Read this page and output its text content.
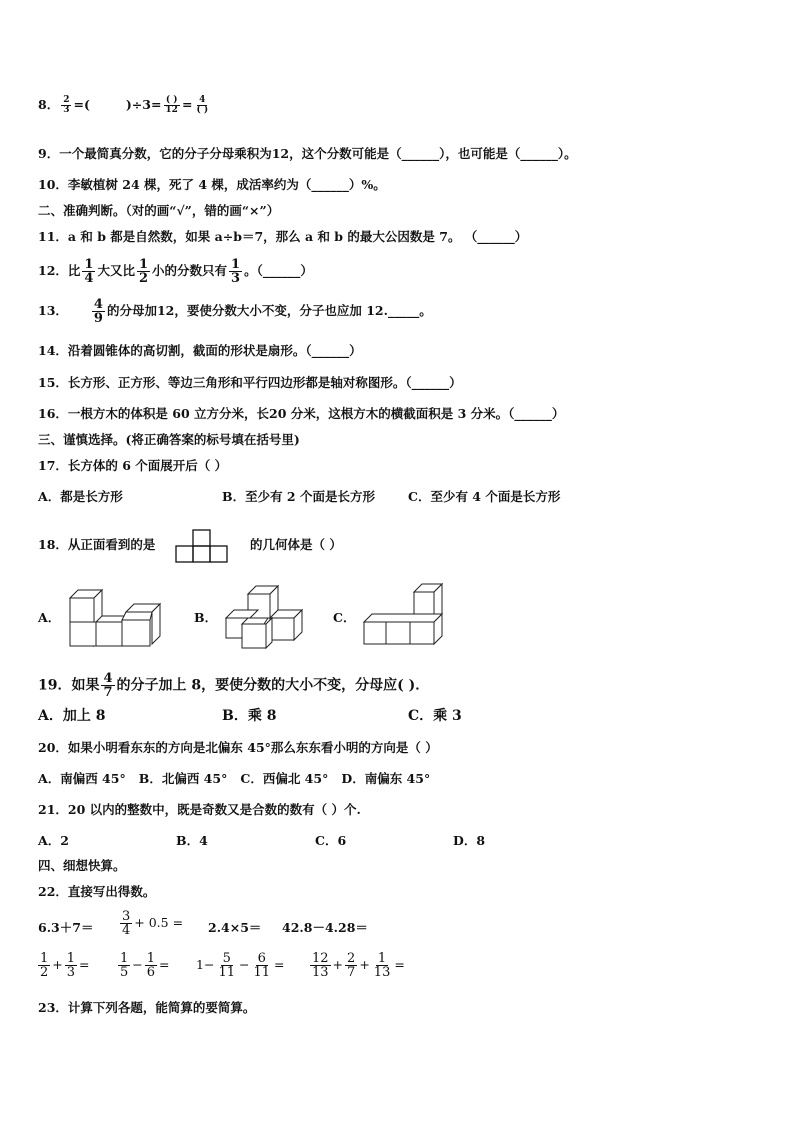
8． $\frac{2}{3}$ =(	)$\div 3= \frac{( )}{12} = \frac{4}{( )}$
9．一个最简真分数，它的分子分母乘积为12，这个分数可能是（______），也可能是（______）。
10．李敏植树 24 棵，死了 4 棵，成活率约为（______）%。
二、准确判断。（对的画“√”，错的画“×”）
11．a 和 b 都是自然数，如果 a÷b＝7，那么 a 和 b 的最大公因数是 7。 （______）
12．比 $\frac{1}{4}$ 大又比 $\frac{1}{2}$ 小的分数只有 $\frac{1}{3}$ 。（______）
13． $\frac{4}{9}$ 的分母加12，要使分数大小不变，分子也应加 12._____。
14．沿着圆锥体的高切割，截面的形状是扇形。（______）
15．长方形、正方形、等边三角形和平行四边形都是轴对称图形。（______）
16．一根方木的体积是 60 立方分米，长20 分米，这根方木的横截面积是 3 分米。（______）
三、谨慎选择。(将正确答案的标号填在括号里)
17．长方体的 6 个面展开后（ ）
A．都是长方形	B．至少有 2 个面是长方形	C．至少有 4 个面是长方形
18．从正面看到的是	的几何体是（ ）
A．	B．	C．
19．如果 $\frac{4}{7}$ 的分子加上 8，要使分数的大小不变，分母应( )．
A．加上 8	B．乘 8	C．乘 3
20．如果小明看东东的方向是北偏东 45°那么东东看小明的方向是（ ）
A．南偏西 45°   B．北偏西 45°   C．西偏北 45°   D．南偏东 45°
21．20 以内的整数中，既是奇数又是合数的数有（ ）个.
A．2	B．4	C．6	D．8
四、细想快算。
22．直接写出得数。
$6.3+7= \frac{3}{4} + 0.5 = 2.4\times 5= 42.8-4.28=$
$\frac{1}{2} + \frac{1}{3} = \frac{1}{5} - \frac{1}{6} = 1- \frac{5}{11} - \frac{6}{11} = \frac{12}{13} + \frac{2}{7} + \frac{1}{13}$ =
23．计算下列各题，能简算的要简算。
